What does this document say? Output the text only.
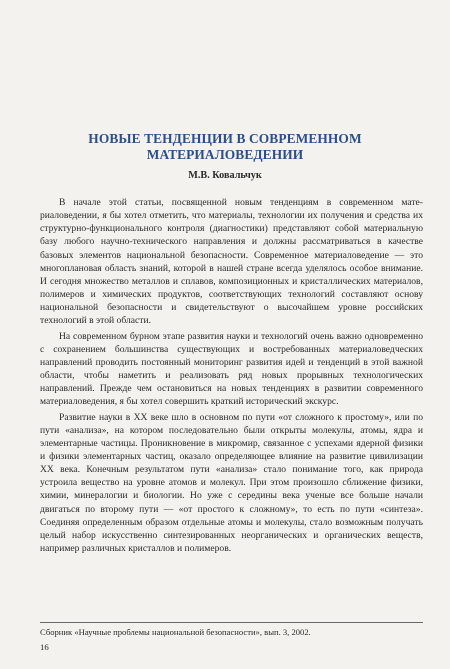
НОВЫЕ ТЕНДЕНЦИИ В СОВРЕМЕННОМ
МАТЕРИАЛОВЕДЕНИИ
М.В. Ковальчук

В начале этой статьи, посвященной новым тенденциям в современном материаловедении, я бы хотел отметить, что материалы, технологии их получения и средства их структурно-функционального контроля (диагностики) представляют собой материальную базу любого научно-технического направления и должны рассматриваться в качестве базовых элементов национальной безопасности. Современное материаловедение — это многоплановая область знаний, которой в нашей стране всегда уделялось особое внимание. И сегодня множество металлов и сплавов, композиционных и кристаллических материалов, полимеров и химических продуктов, соответствующих технологий составляют основу национальной безопасности и свидетельствуют о высочайшем уровне российских технологий в этой области.

На современном бурном этапе развития науки и технологий очень важно одновременно с сохранением большинства существующих и востребованных материаловедческих направлений проводить постоянный мониторинг развития идей и тенденций в этой важной области, чтобы наметить и реализовать ряд новых прорывных технологических направлений. Прежде чем остановиться на новых тенденциях в развитии современного материаловедения, я бы хотел совершить краткий исторический экскурс.

Развитие науки в XX веке шло в основном по пути «от сложного к простому», или по пути «анализа», на котором последовательно были открыты молекулы, атомы, ядра и элементарные частицы. Проникновение в микромир, связанное с успехами ядерной физики и физики элементарных частиц, оказало определяющее влияние на развитие цивилизации XX века. Конечным результатом пути «анализа» стало понимание того, как природа устроила вещество на уровне атомов и молекул. При этом произошло сближение физики, химии, минералогии и биологии. Но уже с середины века ученые все больше начали двигаться по второму пути — «от простого к сложному», то есть по пути «синтеза». Соединяя определенным образом отдельные атомы и молекулы, стало возможным получать целый набор искусственно синтезированных неорганических и органических веществ, например различных кристаллов и полимеров.

Сборник «Научные проблемы национальной безопасности», вып. 3, 2002.
16
